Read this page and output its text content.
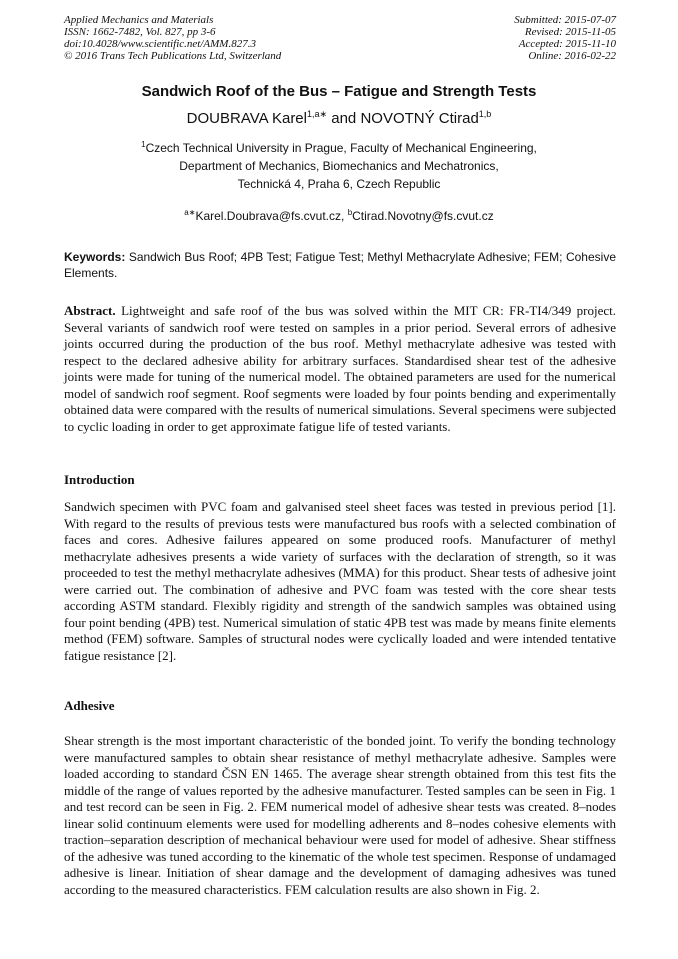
Applied Mechanics and Materials
ISSN: 1662-7482, Vol. 827, pp 3-6
doi:10.4028/www.scientific.net/AMM.827.3
© 2016 Trans Tech Publications Ltd, Switzerland
Submitted: 2015-07-07
Revised: 2015-11-05
Accepted: 2015-11-10
Online: 2016-02-22
Sandwich Roof of the Bus – Fatigue and Strength Tests
DOUBRAVA Karel$^{1,a∗}$ and NOVOTNÝ Ctirad$^{1,b}$
$^1$Czech Technical University in Prague, Faculty of Mechanical Engineering,
Department of Mechanics, Biomechanics and Mechatronics,
Technická 4, Praha 6, Czech Republic
$^{a∗}$Karel.Doubrava@fs.cvut.cz, $^b$Ctirad.Novotny@fs.cvut.cz
Keywords: Sandwich Bus Roof; 4PB Test; Fatigue Test; Methyl Methacrylate Adhesive; FEM; Cohesive Elements.
Abstract. Lightweight and safe roof of the bus was solved within the MIT CR: FR-TI4/349 project. Several variants of sandwich roof were tested on samples in a prior period. Several errors of adhesive joints occurred during the production of the bus roof. Methyl methacrylate adhesive was tested with respect to the declared adhesive ability for arbitrary surfaces. Standardised shear test of the adhesive joints were made for tuning of the numerical model. The obtained parameters are used for the numerical model of sandwich roof segment. Roof segments were loaded by four points bending and experimentally obtained data were compared with the results of numerical simulations. Several specimens were subjected to cyclic loading in order to get approximate fatigue life of tested variants.
Introduction
Sandwich specimen with PVC foam and galvanised steel sheet faces was tested in previous period [1]. With regard to the results of previous tests were manufactured bus roofs with a selected combination of faces and cores. Adhesive failures appeared on some produced roofs. Manufacturer of methyl methacrylate adhesives presents a wide variety of surfaces with the declaration of strength, so it was proceeded to test the methyl methacrylate adhesives (MMA) for this product. Shear tests of adhesive joint were carried out. The combination of adhesive and PVC foam was tested with the core shear tests according ASTM standard. Flexibly rigidity and strength of the sandwich samples was obtained using four point bending (4PB) test. Numerical simulation of static 4PB test was made by means finite elements method (FEM) software. Samples of structural nodes were cyclically loaded and were intended tentative fatigue resistance [2].
Adhesive
Shear strength is the most important characteristic of the bonded joint. To verify the bonding technology were manufactured samples to obtain shear resistance of methyl methacrylate adhesive. Samples were loaded according to standard ČSN EN 1465. The average shear strength obtained from this test fits the middle of the range of values reported by the adhesive manufacturer. Tested samples can be seen in Fig. 1 and test record can be seen in Fig. 2. FEM numerical model of adhesive shear tests was created. 8–nodes linear solid continuum elements were used for modelling adherents and 8–nodes cohesive elements with traction–separation description of mechanical behaviour were used for model of adhesive. Shear stiffness of the adhesive was tuned according to the kinematic of the whole test specimen. Response of undamaged adhesive is linear. Initiation of shear damage and the development of damaging adhesives was tuned according to the measured characteristics. FEM calculation results are also shown in Fig. 2.
